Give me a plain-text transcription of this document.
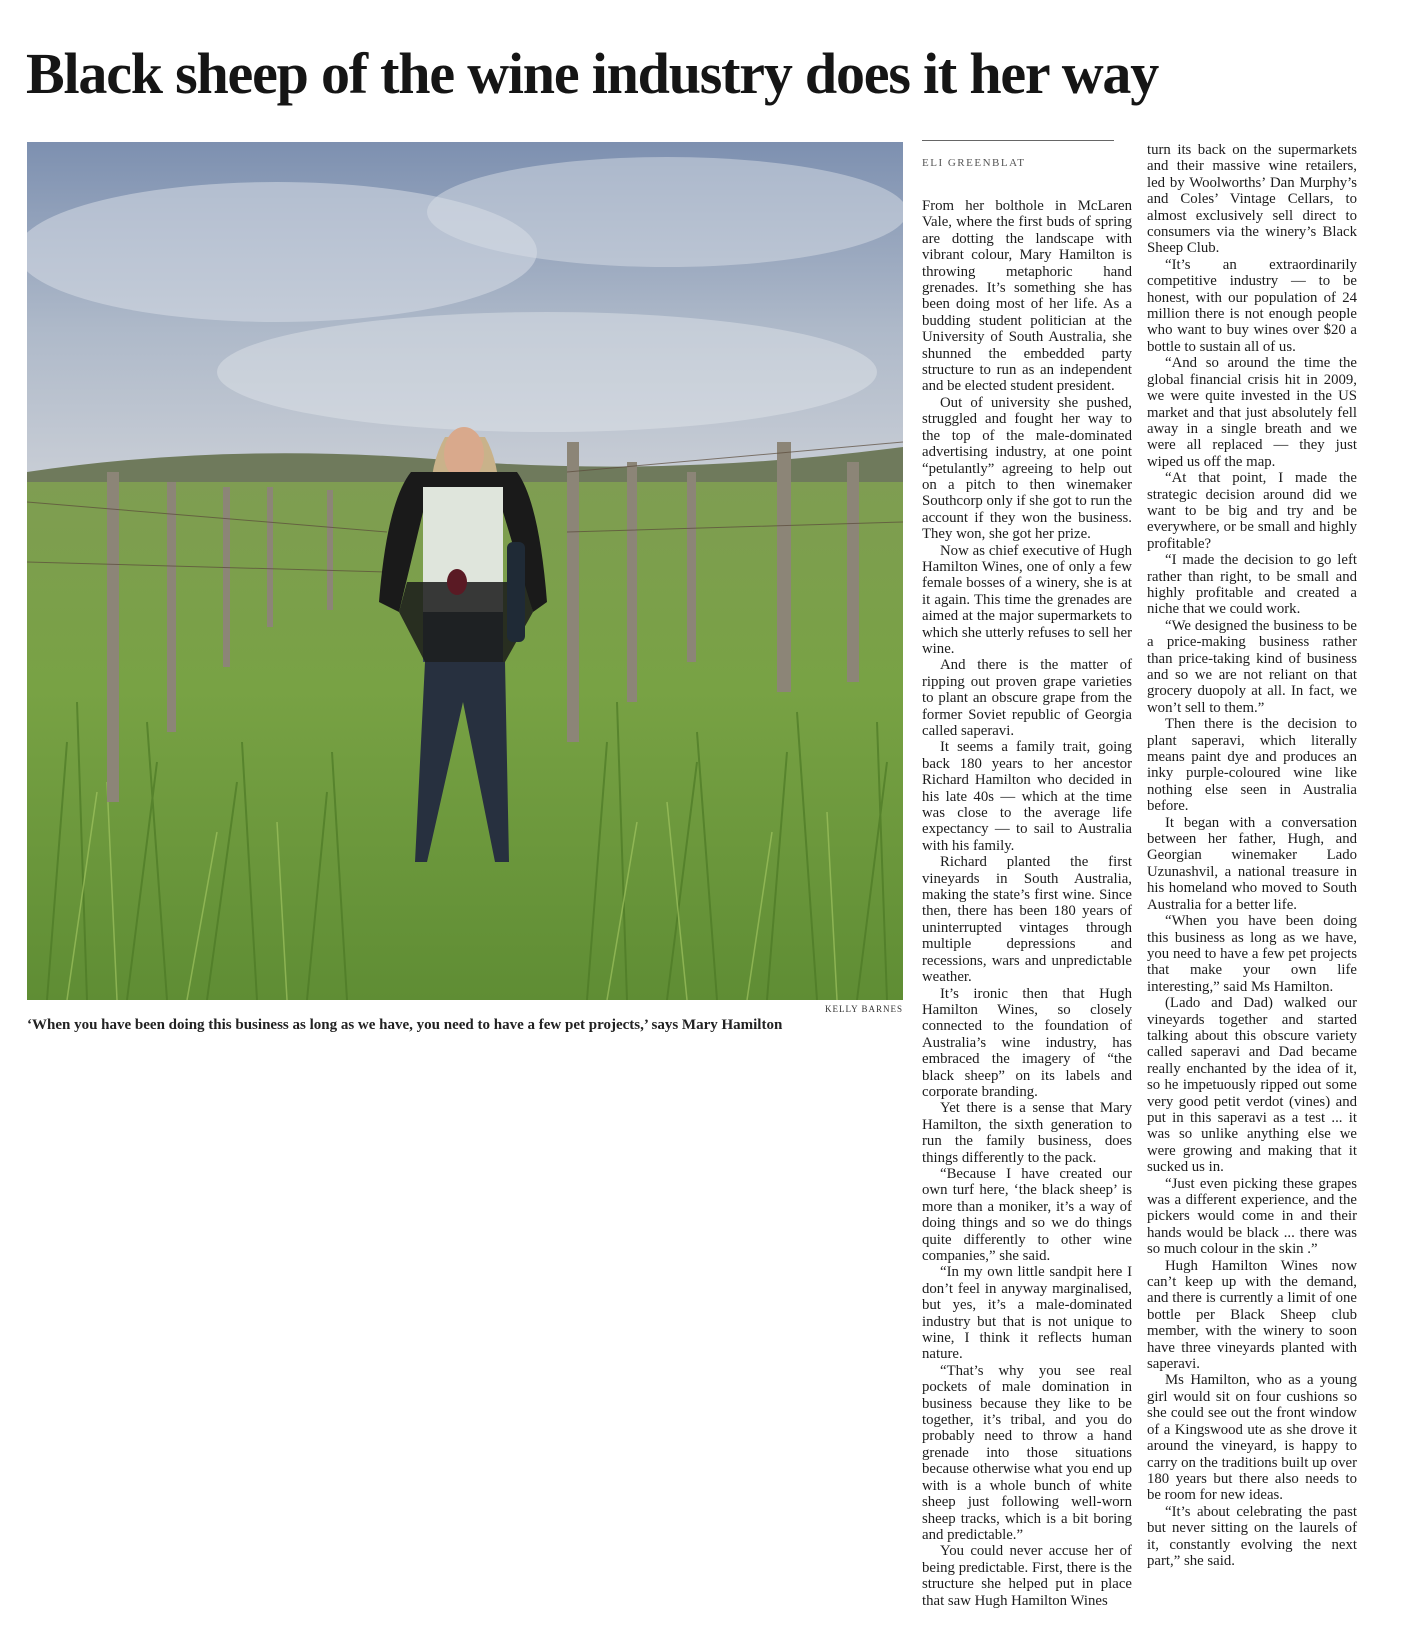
Black sheep of the wine industry does it her way
KELLY BARNES

‘When you have been doing this business as long as we have, you need to have a few pet projects,’ says Mary Hamilton

ELI GREENBLAT

From her bolthole in McLaren Vale, where the first buds of spring are dotting the landscape with vibrant colour, Mary Hamilton is throwing metaphoric hand grenades. It’s something she has been doing most of her life. As a budding student politician at the University of South Australia, she shunned the embedded party structure to run as an independent and be elected student president.

Out of university she pushed, struggled and fought her way to the top of the male-dominated advertising industry, at one point “petulantly” agreeing to help out on a pitch to then winemaker Southcorp only if she got to run the account if they won the business. They won, she got her prize.

Now as chief executive of Hugh Hamilton Wines, one of only a few female bosses of a winery, she is at it again. This time the grenades are aimed at the major supermarkets to which she utterly refuses to sell her wine.

And there is the matter of ripping out proven grape varieties to plant an obscure grape from the former Soviet republic of Georgia called saperavi.

It seems a family trait, going back 180 years to her ancestor Richard Hamilton who decided in his late 40s — which at the time was close to the average life expectancy — to sail to Australia with his family.

Richard planted the first vineyards in South Australia, making the state’s first wine. Since then, there has been 180 years of uninterrupted vintages through multiple depressions and recessions, wars and unpredictable weather.

It’s ironic then that Hugh Hamilton Wines, so closely connected to the foundation of Australia’s wine industry, has embraced the imagery of “the black sheep” on its labels and corporate branding.

Yet there is a sense that Mary Hamilton, the sixth generation to run the family business, does things differently to the pack.

“Because I have created our own turf here, ‘the black sheep’ is more than a moniker, it’s a way of doing things and so we do things quite differently to other wine companies,” she said.

“In my own little sandpit here I don’t feel in anyway marginalised, but yes, it’s a male-dominated industry but that is not unique to wine, I think it reflects human nature.

“That’s why you see real pockets of male domination in business because they like to be together, it’s tribal, and you do probably need to throw a hand grenade into those situations because otherwise what you end up with is a whole bunch of white sheep just following well-worn sheep tracks, which is a bit boring and predictable.”

You could never accuse her of being predictable. First, there is the structure she helped put in place that saw Hugh Hamilton Wines

turn its back on the supermarkets and their massive wine retailers, led by Woolworths’ Dan Murphy’s and Coles’ Vintage Cellars, to almost exclusively sell direct to consumers via the winery’s Black Sheep Club.

“It’s an extraordinarily competitive industry — to be honest, with our population of 24 million there is not enough people who want to buy wines over $20 a bottle to sustain all of us.

“And so around the time the global financial crisis hit in 2009, we were quite invested in the US market and that just absolutely fell away in a single breath and we were all replaced — they just wiped us off the map.

“At that point, I made the strategic decision around did we want to be big and try and be everywhere, or be small and highly profitable?

“I made the decision to go left rather than right, to be small and highly profitable and created a niche that we could work.

“We designed the business to be a price-making business rather than price-taking kind of business and so we are not reliant on that grocery duopoly at all. In fact, we won’t sell to them.”

Then there is the decision to plant saperavi, which literally means paint dye and produces an inky purple-coloured wine like nothing else seen in Australia before.

It began with a conversation between her father, Hugh, and Georgian winemaker Lado Uzunashvil, a national treasure in his homeland who moved to South Australia for a better life.

“When you have been doing this business as long as we have, you need to have a few pet projects that make your own life interesting,” said Ms Hamilton.

(Lado and Dad) walked our vineyards together and started talking about this obscure variety called saperavi and Dad became really enchanted by the idea of it, so he impetuously ripped out some very good petit verdot (vines) and put in this saperavi as a test ... it was so unlike anything else we were growing and making that it sucked us in.

“Just even picking these grapes was a different experience, and the pickers would come in and their hands would be black ... there was so much colour in the skin .”

Hugh Hamilton Wines now can’t keep up with the demand, and there is currently a limit of one bottle per Black Sheep club member, with the winery to soon have three vineyards planted with saperavi.

Ms Hamilton, who as a young girl would sit on four cushions so she could see out the front window of a Kingswood ute as she drove it around the vineyard, is happy to carry on the traditions built up over 180 years but there also needs to be room for new ideas.

“It’s about celebrating the past but never sitting on the laurels of it, constantly evolving the next part,” she said.
